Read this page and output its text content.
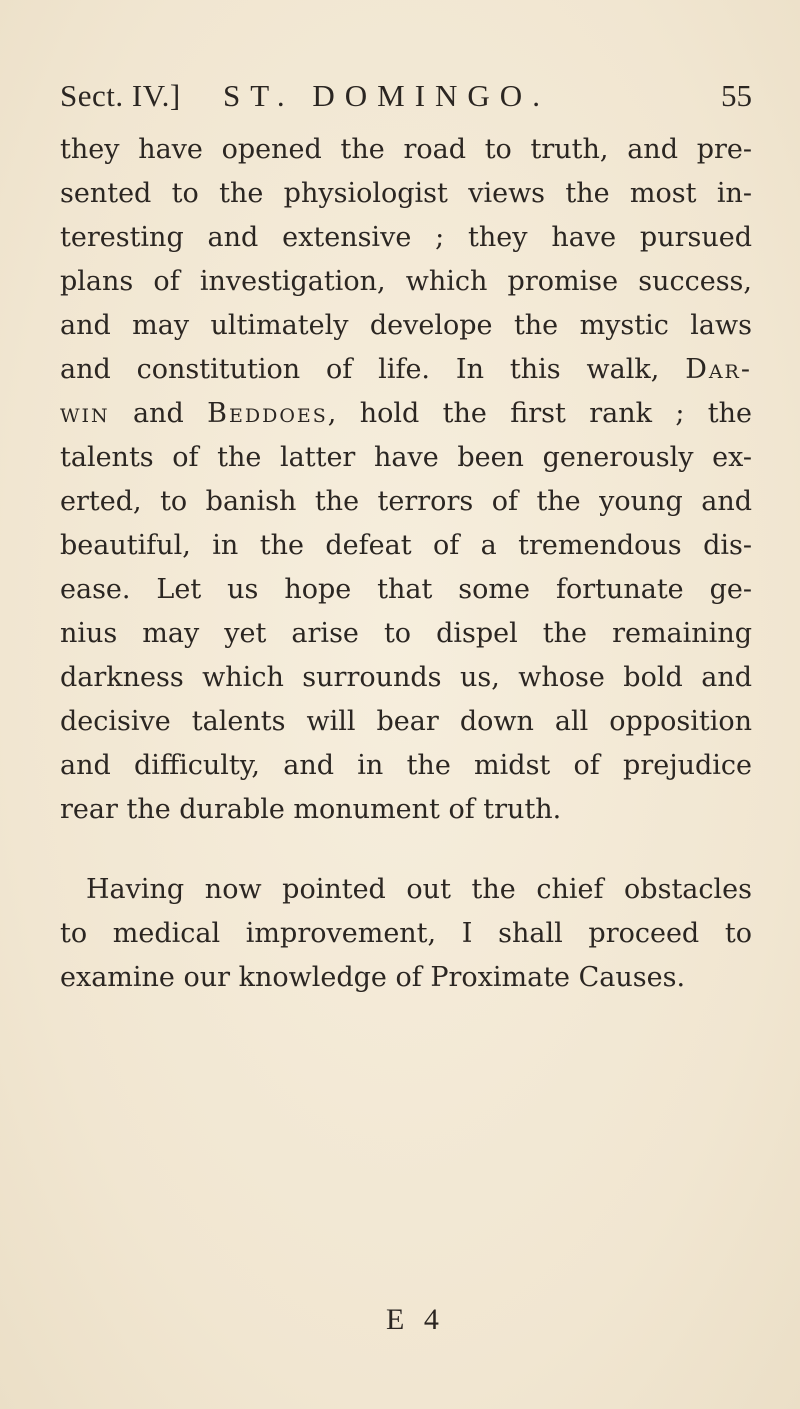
Sect. IV.] ST. DOMINGO.	55
they have opened the road to truth, and pre-
sented to the physiologist views the most in-
teresting and extensive ; they have pursued
plans of investigation, which promise success,
and may ultimately develope the mystic laws
and constitution of life. In this walk, Dar-
win and Beddoes, hold the first rank ; the
talents of the latter have been generously ex-
erted, to banish the terrors of the young and
beautiful, in the defeat of a tremendous dis-
ease. Let us hope that some fortunate ge-
nius may yet arise to dispel the remaining
darkness which surrounds us, whose bold and
decisive talents will bear down all opposition
and difficulty, and in the midst of prejudice
rear the durable monument of truth.
Having now pointed out the chief obstacles
to medical improvement, I shall proceed to
examine our knowledge of Proximate Causes.
E 4
